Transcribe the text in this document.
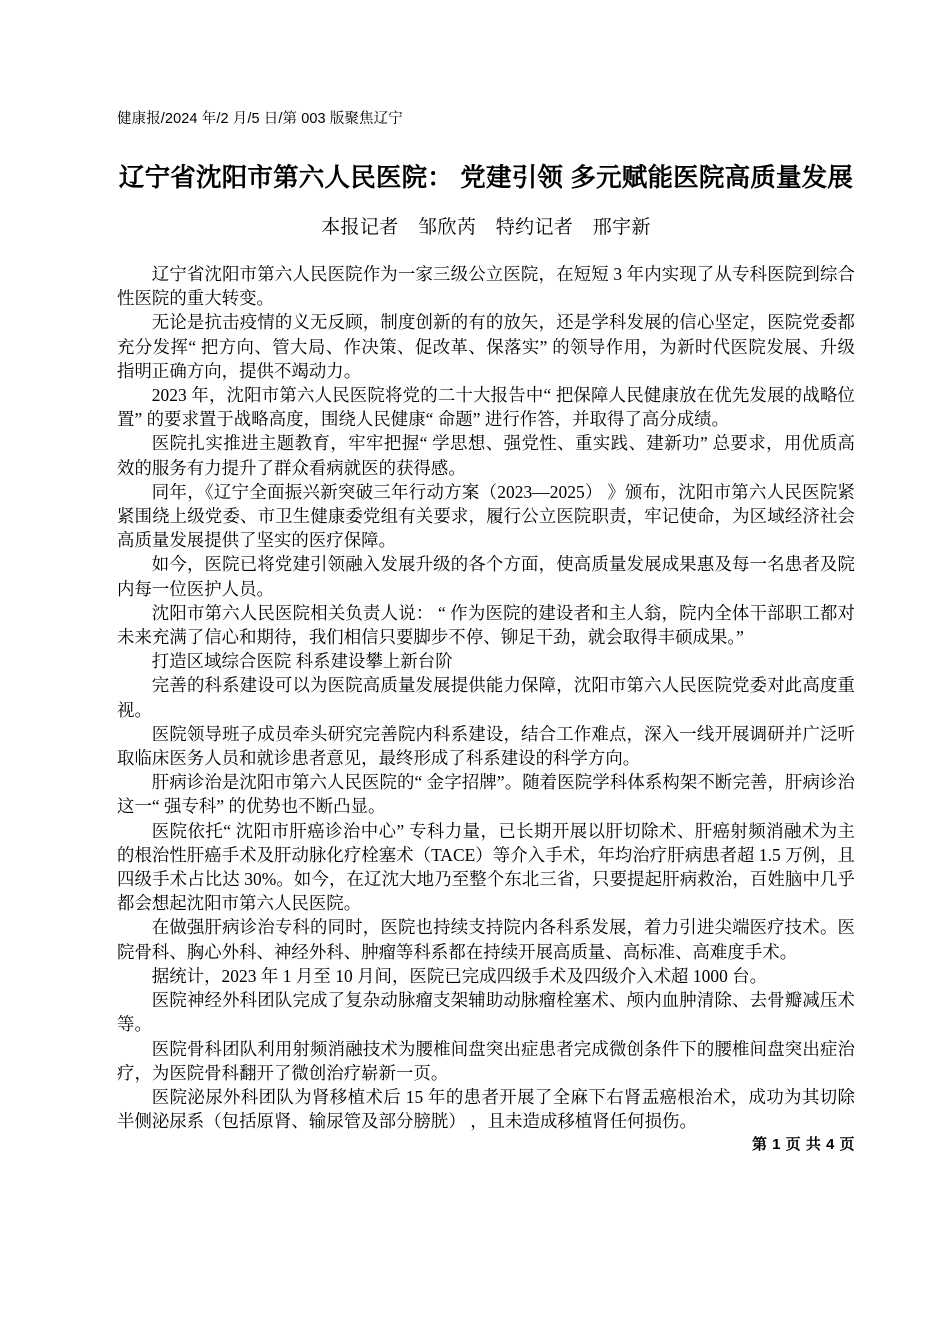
健康报/2024 年/2 月/5 日/第 003 版聚焦辽宁
辽宁省沈阳市第六人民医院： 党建引领 多元赋能医院高质量发展
本报记者　邹欣芮　特约记者　邢宇新

辽宁省沈阳市第六人民医院作为一家三级公立医院，在短短 3 年内实现了从专科医院到综合性医院的重大转变。

无论是抗击疫情的义无反顾，制度创新的有的放矢，还是学科发展的信心坚定，医院党委都充分发挥“ 把方向、管大局、作决策、促改革、保落实” 的领导作用，为新时代医院发展、升级指明正确方向，提供不竭动力。

2023 年，沈阳市第六人民医院将党的二十大报告中“ 把保障人民健康放在优先发展的战略位置” 的要求置于战略高度，围绕人民健康“ 命题” 进行作答，并取得了高分成绩。

医院扎实推进主题教育，牢牢把握“ 学思想、强党性、重实践、建新功” 总要求，用优质高效的服务有力提升了群众看病就医的获得感。

同年，《辽宁全面振兴新突破三年行动方案（2023—2025） 》颁布，沈阳市第六人民医院紧紧围绕上级党委、市卫生健康委党组有关要求，履行公立医院职责，牢记使命，为区域经济社会高质量发展提供了坚实的医疗保障。

如今，医院已将党建引领融入发展升级的各个方面，使高质量发展成果惠及每一名患者及院内每一位医护人员。

沈阳市第六人民医院相关负责人说： “ 作为医院的建设者和主人翁，院内全体干部职工都对未来充满了信心和期待，我们相信只要脚步不停、铆足干劲，就会取得丰硕成果。”

打造区域综合医院 科系建设攀上新台阶

完善的科系建设可以为医院高质量发展提供能力保障，沈阳市第六人民医院党委对此高度重视。

医院领导班子成员牵头研究完善院内科系建设，结合工作难点，深入一线开展调研并广泛听取临床医务人员和就诊患者意见，最终形成了科系建设的科学方向。

肝病诊治是沈阳市第六人民医院的“ 金字招牌”。随着医院学科体系构架不断完善，肝病诊治这一“ 强专科” 的优势也不断凸显。

医院依托“ 沈阳市肝癌诊治中心” 专科力量，已长期开展以肝切除术、肝癌射频消融术为主的根治性肝癌手术及肝动脉化疗栓塞术（TACE）等介入手术，年均治疗肝病患者超 1.5 万例，且四级手术占比达 30%。如今，在辽沈大地乃至整个东北三省，只要提起肝病救治，百姓脑中几乎都会想起沈阳市第六人民医院。

在做强肝病诊治专科的同时，医院也持续支持院内各科系发展，着力引进尖端医疗技术。医院骨科、胸心外科、神经外科、肿瘤等科系都在持续开展高质量、高标准、高难度手术。

据统计，2023 年 1 月至 10 月间，医院已完成四级手术及四级介入术超 1000 台。

医院神经外科团队完成了复杂动脉瘤支架辅助动脉瘤栓塞术、颅内血肿清除、去骨瓣减压术等。

医院骨科团队利用射频消融技术为腰椎间盘突出症患者完成微创条件下的腰椎间盘突出症治疗，为医院骨科翻开了微创治疗崭新一页。

医院泌尿外科团队为肾移植术后 15 年的患者开展了全麻下右肾盂癌根治术，成功为其切除半侧泌尿系（包括原肾、输尿管及部分膀胱） ，且未造成移植肾任何损伤。

第 1 页 共 4 页
